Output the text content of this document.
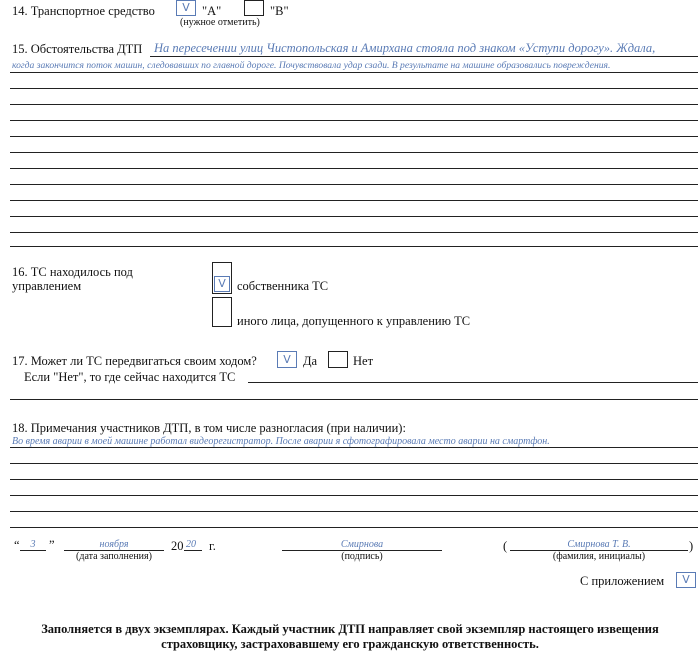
14. Транспортное средство	V "А"	"В"
(нужное отметить)
15. Обстоятельства ДТП На пересечении улиц Чистопольская и Амирхана стояла под знаком «Уступи дорогу». Ждала,
когда закончится поток машин, следовавших по главной дороге. Почувствовала удар сзади. В результате на машине образовались повреждения.
16. ТС находилось под
управлением	V собственника ТС
иного лица, допущенного к управлению ТС
17. Может ли ТС передвигаться своим ходом?	V Да	Нет
Если "Нет", то где сейчас находится ТС
18. Примечания участников ДТП, в том числе разногласия (при наличии):
Во время аварии в моей машине работал видеорегистратор. После аварии я сфотографировала место аварии на смартфон.
“	3	”	ноября	20 20 г.
(дата заполнения)
Смирнова
(подпись)
(	Смирнова Т. В.	)
(фамилия, инициалы)
С приложением	V
Заполняется в двух экземплярах. Каждый участник ДТП направляет свой экземпляр настоящего извещения
страховщику, застраховавшему его гражданскую ответственность.
